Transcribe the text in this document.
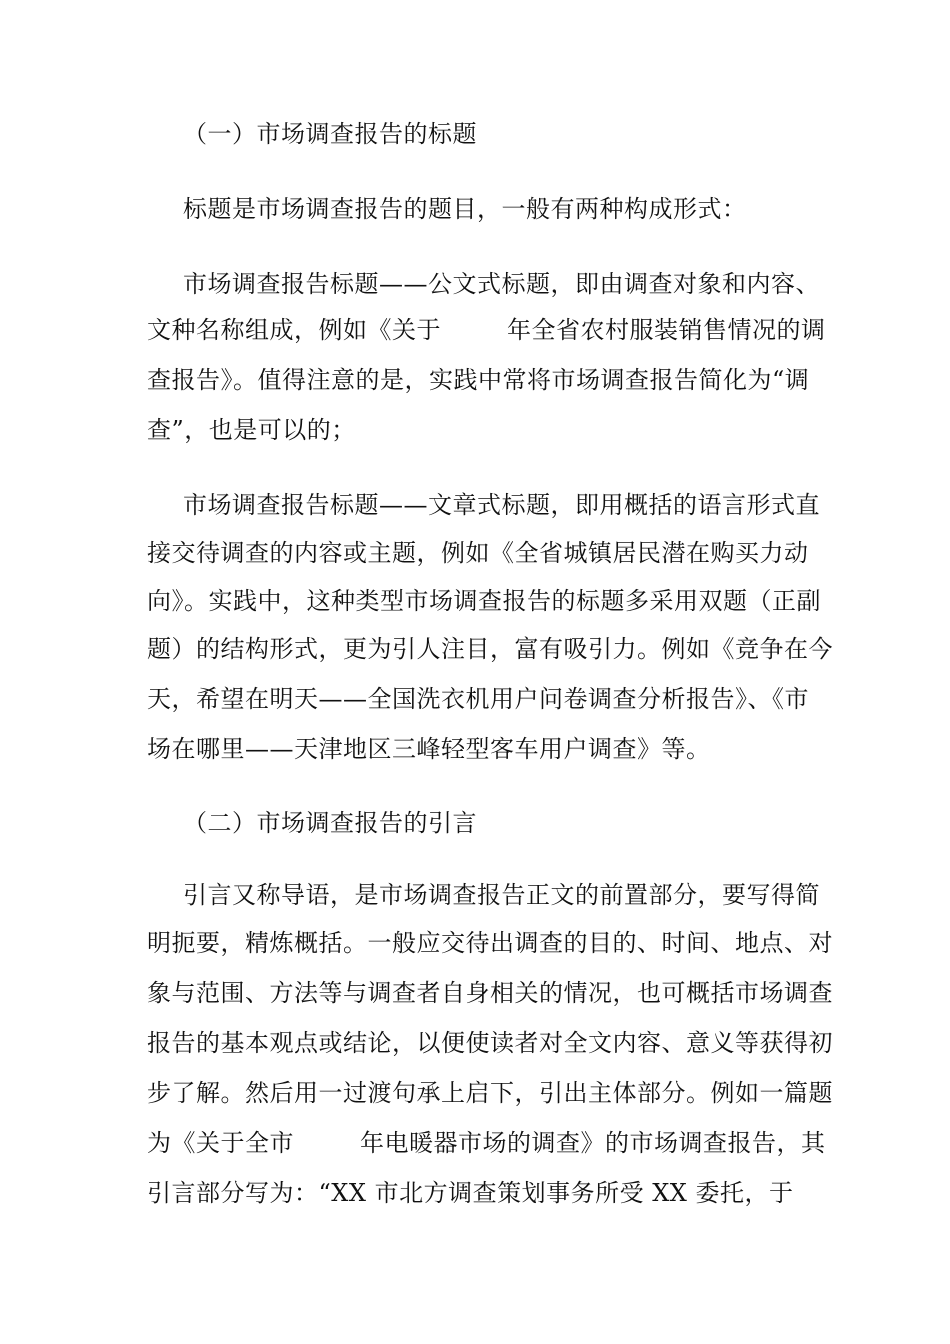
（一）市场调查报告的标题
标题是市场调查报告的题目，一般有两种构成形式：
市场调查报告标题——公文式标题，即由调查对象和内容、
文种名称组成，例如《关于	年全省农村服装销售情况的调
查报告》。值得注意的是，实践中常将市场调查报告简化为“调
查”，也是可以的；
市场调查报告标题——文章式标题，即用概括的语言形式直
接交待调查的内容或主题，例如《全省城镇居民潜在购买力动
向》。实践中，这种类型市场调查报告的标题多采用双题（正副
题）的结构形式，更为引人注目，富有吸引力。例如《竞争在今
天，希望在明天——全国洗衣机用户问卷调查分析报告》、《市
场在哪里——天津地区三峰轻型客车用户调查》等。
（二）市场调查报告的引言
引言又称导语，是市场调查报告正文的前置部分，要写得简
明扼要，精炼概括。一般应交待出调查的目的、时间、地点、对
象与范围、方法等与调查者自身相关的情况，也可概括市场调查
报告的基本观点或结论，以便使读者对全文内容、意义等获得初
步了解。然后用一过渡句承上启下，引出主体部分。例如一篇题
为《关于全市	年电暖器市场的调查》的市场调查报告，其
引言部分写为：“XX 市北方调查策划事务所受 XX 委托，于
